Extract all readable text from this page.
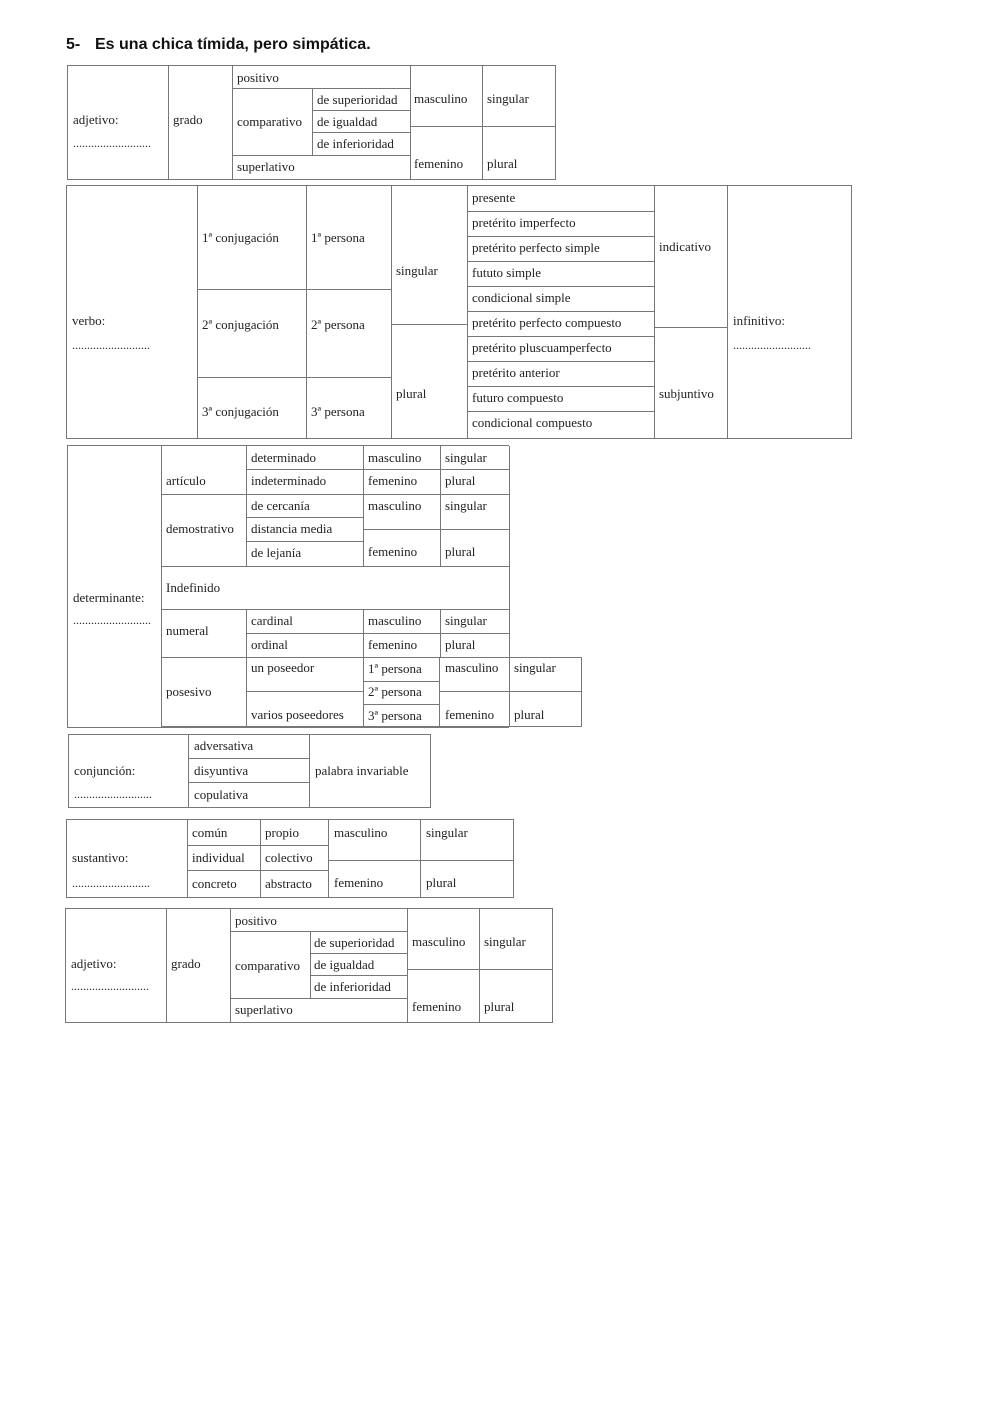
5- Es una chica tímida, pero simpática.
adjetivo:
..........................
grado
positivo
comparativo
de superioridad
de igualdad
de inferioridad
superlativo
masculino
femenino
singular
plural
verbo:
..........................
1ª conjugación
2ª conjugación
3ª conjugación
1ª persona
2ª persona
3ª persona
singular
plural
presente
pretérito imperfecto
pretérito perfecto simple
fututo simple
condicional simple
pretérito perfecto compuesto
pretérito pluscuamperfecto
pretérito anterior
futuro compuesto
condicional compuesto
indicativo
subjuntivo
infinitivo:
..........................
determinante:
..........................
artículo
determinado
indeterminado
masculino
femenino
singular
plural
demostrativo
de cercanía
distancia media
de lejanía
masculino singular
femenino plural
Indefinido
numeral
cardinal
ordinal
masculino
femenino
singular
plural
posesivo
un poseedor
varios poseedores
1ª persona
2ª persona
3ª persona
masculino
femenino
singular
plural
conjunción:
..........................
adversativa
disyuntiva
copulativa
palabra invariable
sustantivo:
..........................
común	propio
individual colectivo
concreto abstracto
masculino
femenino
singular
plural
adjetivo:
..........................
grado
positivo
comparativo
de superioridad
de igualdad
de inferioridad
superlativo
masculino
femenino
singular
plural
